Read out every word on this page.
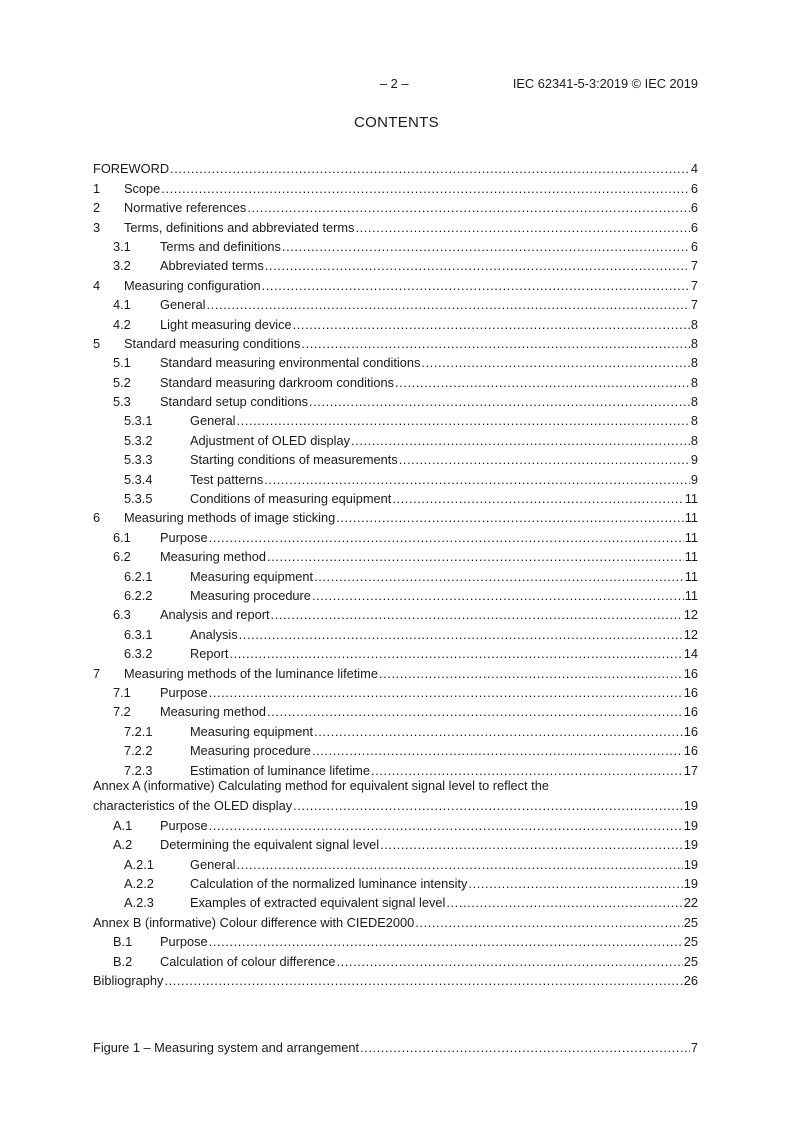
– 2 –	IEC 62341-5-3:2019 © IEC 2019
CONTENTS
FOREWORD .....	4
1	Scope .....	6
2	Normative references .....	6
3	Terms, definitions and abbreviated terms .....	6
3.1	Terms and definitions .....	6
3.2	Abbreviated terms .....	7
4	Measuring configuration .....	7
4.1	General .....	7
4.2	Light measuring device .....	8
5	Standard measuring conditions .....	8
5.1	Standard measuring environmental conditions .....	8
5.2	Standard measuring darkroom conditions .....	8
5.3	Standard setup conditions .....	8
5.3.1	General .....	8
5.3.2	Adjustment of OLED display .....	8
5.3.3	Starting conditions of measurements .....	9
5.3.4	Test patterns .....	9
5.3.5	Conditions of measuring equipment .....	11
6	Measuring methods of image sticking .....	11
6.1	Purpose .....	11
6.2	Measuring method .....	11
6.2.1	Measuring equipment .....	11
6.2.2	Measuring procedure .....	11
6.3	Analysis and report .....	12
6.3.1	Analysis .....	12
6.3.2	Report .....	14
7	Measuring methods of the luminance lifetime .....	16
7.1	Purpose .....	16
7.2	Measuring method .....	16
7.2.1	Measuring equipment .....	16
7.2.2	Measuring procedure .....	16
7.2.3	Estimation of luminance lifetime .....	17
Annex A (informative) Calculating method for equivalent signal level to reflect the
characteristics of the OLED display .....	19
A.1	Purpose .....	19
A.2	Determining the equivalent signal level .....	19
A.2.1	General .....	19
A.2.2	Calculation of the normalized luminance intensity .....	19
A.2.3	Examples of extracted equivalent signal level .....	22
Annex B (informative) Colour difference with CIEDE2000 .....	25
B.1	Purpose .....	25
B.2	Calculation of colour difference .....	25
Bibliography .....	26
Figure 1 – Measuring system and arrangement .....	7
